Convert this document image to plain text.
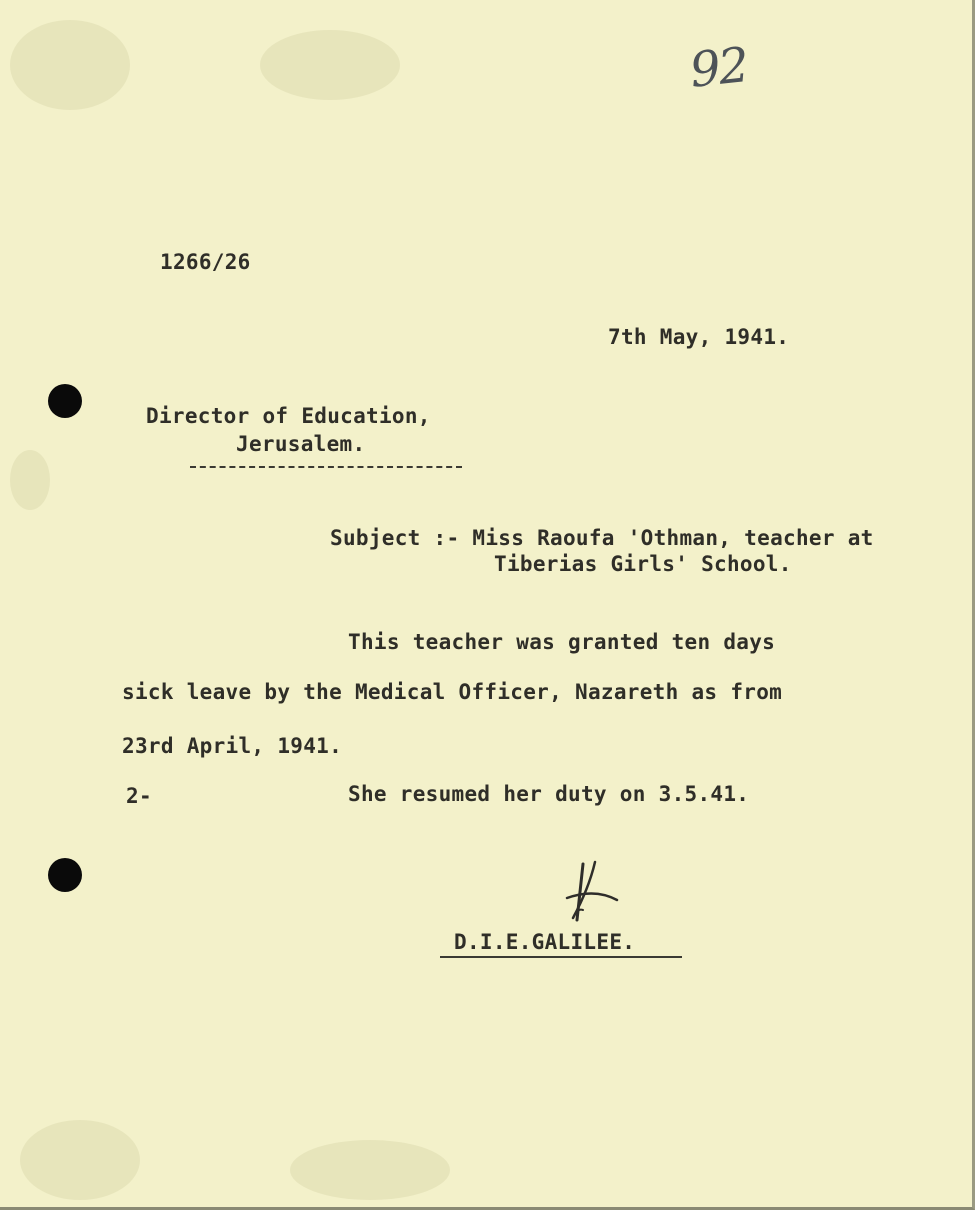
92
1266/26
7th May, 1941.
Director of Education,
Jerusalem.
Subject :- Miss Raoufa 'Othman, teacher at
Tiberias Girls' School.
This teacher was granted ten days
sick leave by the Medical Officer, Nazareth as from
23rd April, 1941.
2-	She resumed her duty on 3.5.41.
D.I.E.GALILEE.
